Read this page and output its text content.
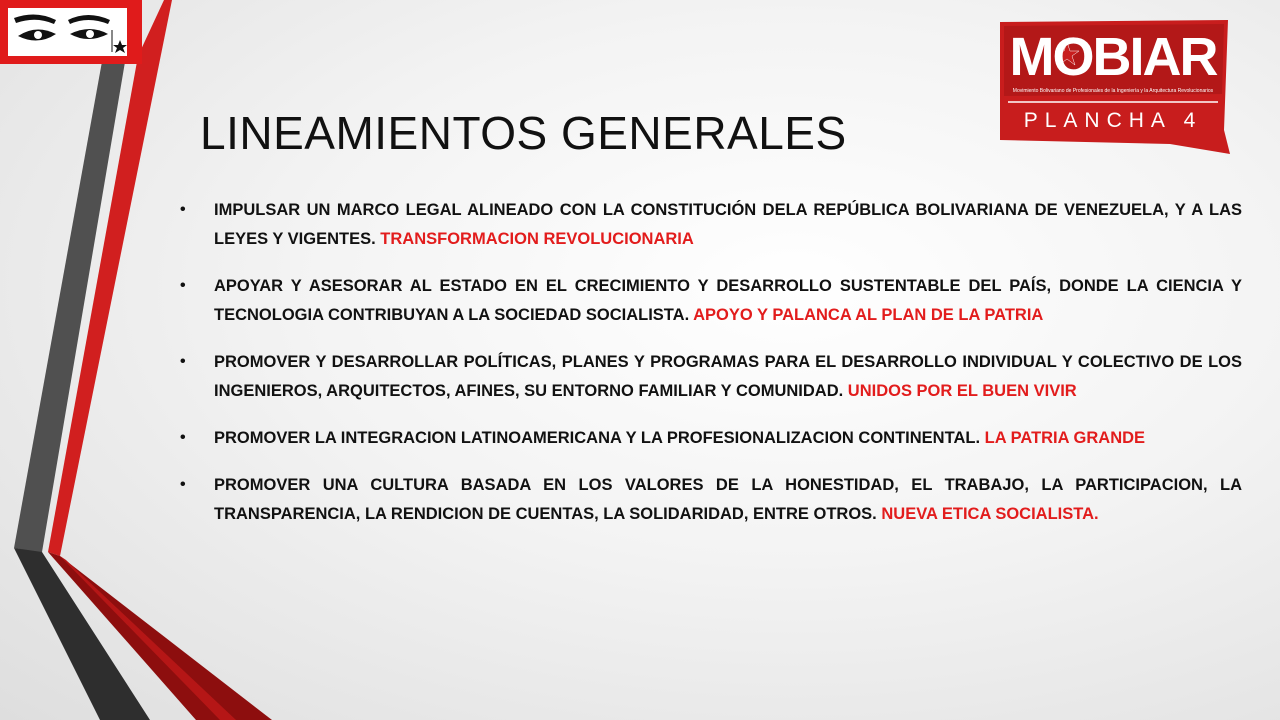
MOBIAR
Movimiento Bolivariano de Profesionales de la Ingeniería y la Arquitectura Revolucionarios
PLANCHA 4
LINEAMIENTOS GENERALES
•	IMPULSAR UN MARCO LEGAL ALINEADO CON LA CONSTITUCIÓN DELA REPÚBLICA BOLIVARIANA DE VENEZUELA, Y A LAS LEYES Y VIGENTES. TRANSFORMACION REVOLUCIONARIA
•	APOYAR Y ASESORAR AL ESTADO EN EL CRECIMIENTO Y DESARROLLO SUSTENTABLE DEL PAÍS, DONDE LA CIENCIA Y TECNOLOGIA CONTRIBUYAN A LA SOCIEDAD SOCIALISTA. APOYO Y PALANCA AL PLAN DE LA PATRIA
•	PROMOVER Y DESARROLLAR POLÍTICAS, PLANES Y PROGRAMAS PARA EL DESARROLLO INDIVIDUAL Y COLECTIVO DE LOS INGENIEROS, ARQUITECTOS, AFINES, SU ENTORNO FAMILIAR Y COMUNIDAD. UNIDOS POR EL BUEN VIVIR
•	PROMOVER LA INTEGRACION LATINOAMERICANA Y LA PROFESIONALIZACION CONTINENTAL. LA PATRIA GRANDE
•	PROMOVER UNA CULTURA BASADA EN LOS VALORES DE LA HONESTIDAD, EL TRABAJO, LA PARTICIPACION, LA TRANSPARENCIA, LA RENDICION DE CUENTAS, LA SOLIDARIDAD, ENTRE OTROS. NUEVA ETICA SOCIALISTA.
